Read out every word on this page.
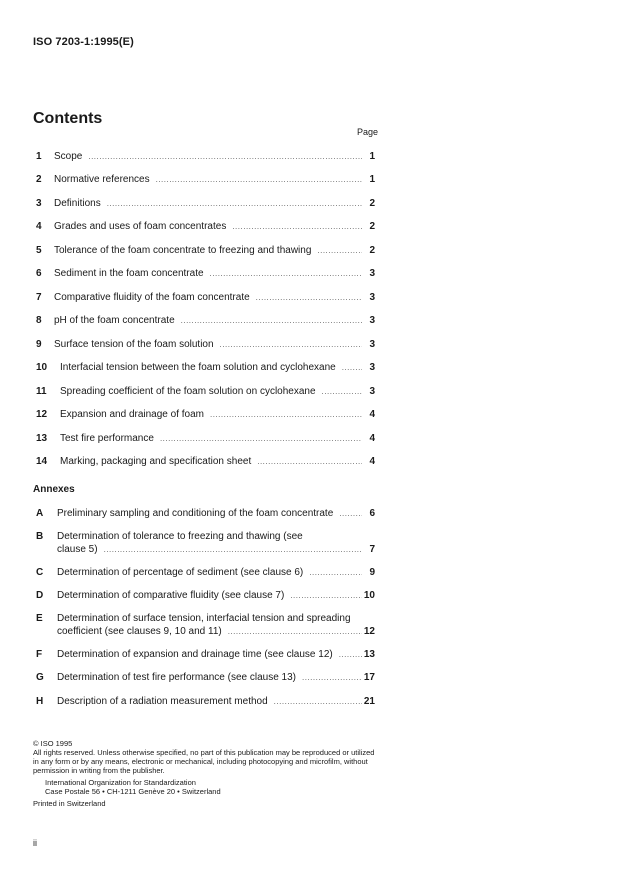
ISO 7203-1:1995(E)
Contents
Page
1 Scope .....	1
2 Normative references .....	1
3 Definitions .....	2
4 Grades and uses of foam concentrates .....	2
5 Tolerance of the foam concentrate to freezing and thawing .....	2
6 Sediment in the foam concentrate .....	3
7 Comparative fluidity of the foam concentrate .....	3
8 pH of the foam concentrate .....	3
9 Surface tension of the foam solution .....	3
10 Interfacial tension between the foam solution and cyclohexane .....	3
11 Spreading coefficient of the foam solution on cyclohexane .....	3
12 Expansion and drainage of foam .....	4
13 Test fire performance .....	4
14 Marking, packaging and specification sheet .....	4
Annexes
A Preliminary sampling and conditioning of the foam concentrate .....	6
B Determination of tolerance to freezing and thawing (see
clause 5) .....	7
C Determination of percentage of sediment (see clause 6) .....	9
D Determination of comparative fluidity (see clause 7) .....	10
E Determination of surface tension, interfacial tension and spreading
coefficient (see clauses 9, 10 and 11) .....	12
F Determination of expansion and drainage time (see clause 12) .....	13
G Determination of test fire performance (see clause 13) .....	17
H Description of a radiation measurement method .....	21
© ISO 1995
All rights reserved. Unless otherwise specified, no part of this publication may be reproduced or utilized in any form or by any means, electronic or mechanical, including photocopying and microfilm, without permission in writing from the publisher.
International Organization for Standardization
Case Postale 56 • CH-1211 Genève 20 • Switzerland
Printed in Switzerland
ii
